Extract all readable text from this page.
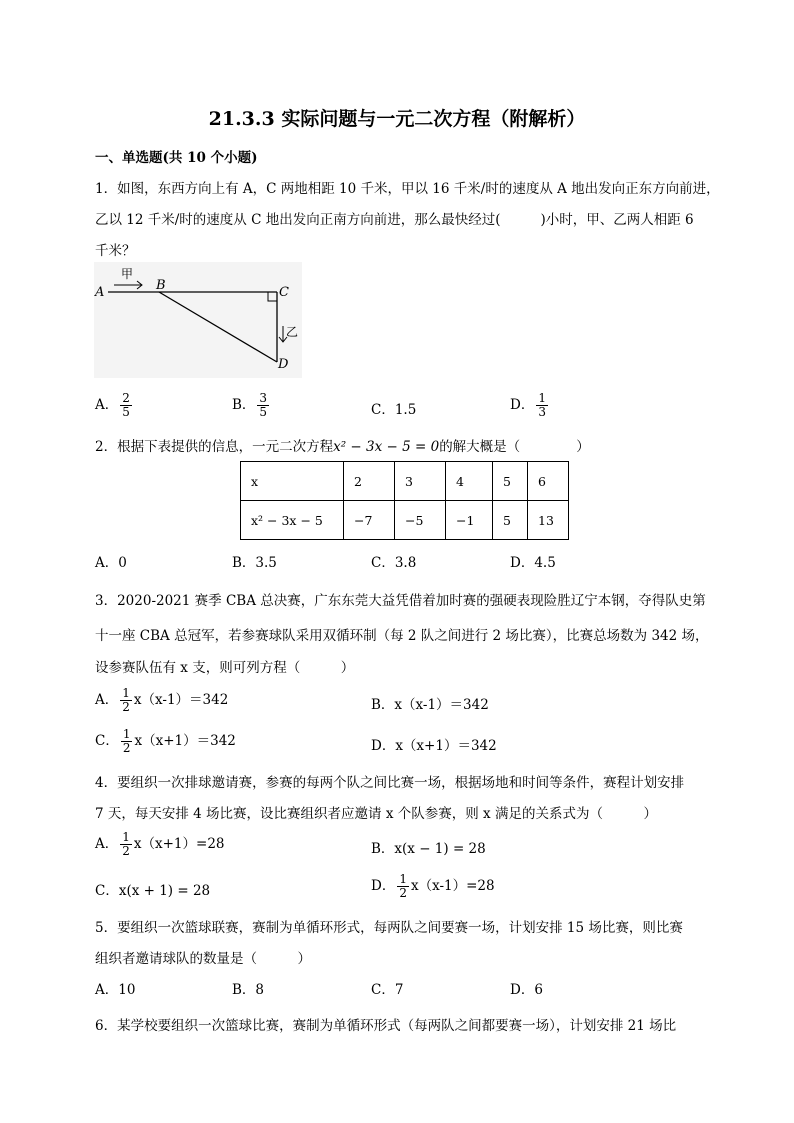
21.3.3 实际问题与一元二次方程（附解析）
一、单选题(共 10 个小题)
1．如图，东西方向上有 A，C 两地相距 10 千米，甲以 16 千米/时的速度从 A 地出发向正东方向前进，
乙以 12 千米/时的速度从 C 地出发向正南方向前进，那么最快经过(	)小时，甲、乙两人相距 6
千米？
A
甲
B	C
乙
D
A． $\frac{2}{5}$	B． $\frac{3}{5}$	C．1.5	D． $\frac{1}{3}$
2．根据下表提供的信息，一元二次方程x² − 3x − 5 = 0的解大概是（	）
x	2	3	4	5	6
x² − 3x − 5	−7	−5	−1	5	13
A．0	B．3.5	C．3.8	D．4.5
3．2020-2021 赛季 CBA 总决赛，广东东莞大益凭借着加时赛的强硬表现险胜辽宁本钢，夺得队史第
十一座 CBA 总冠军，若参赛球队采用双循环制（每 2 队之间进行 2 场比赛），比赛总场数为 342 场，
设参赛队伍有 x 支，则可列方程（　　　）
A． $\frac{1}{2} x(x-1)=342$	B．x（x-1）＝342
C． $\frac{1}{2} x(x+1)=342$	D．x（x+1）＝342
4．要组织一次排球邀请赛，参赛的每两个队之间比赛一场，根据场地和时间等条件，赛程计划安排
7 天，每天安排 4 场比赛，设比赛组织者应邀请 x 个队参赛，则 x 满足的关系式为（　　　）
A． $\frac{1}{2} x(x+1)=28$	B．x(x − 1) = 28
C．x(x + 1) = 28	D． $\frac{1}{2} x(x-1)=28$
5．要组织一次篮球联赛，赛制为单循环形式，每两队之间要赛一场，计划安排 15 场比赛，则比赛
组织者邀请球队的数量是（　　　）
A．10	B．8	C．7	D．6
6．某学校要组织一次篮球比赛，赛制为单循环形式（每两队之间都要赛一场），计划安排 21 场比
